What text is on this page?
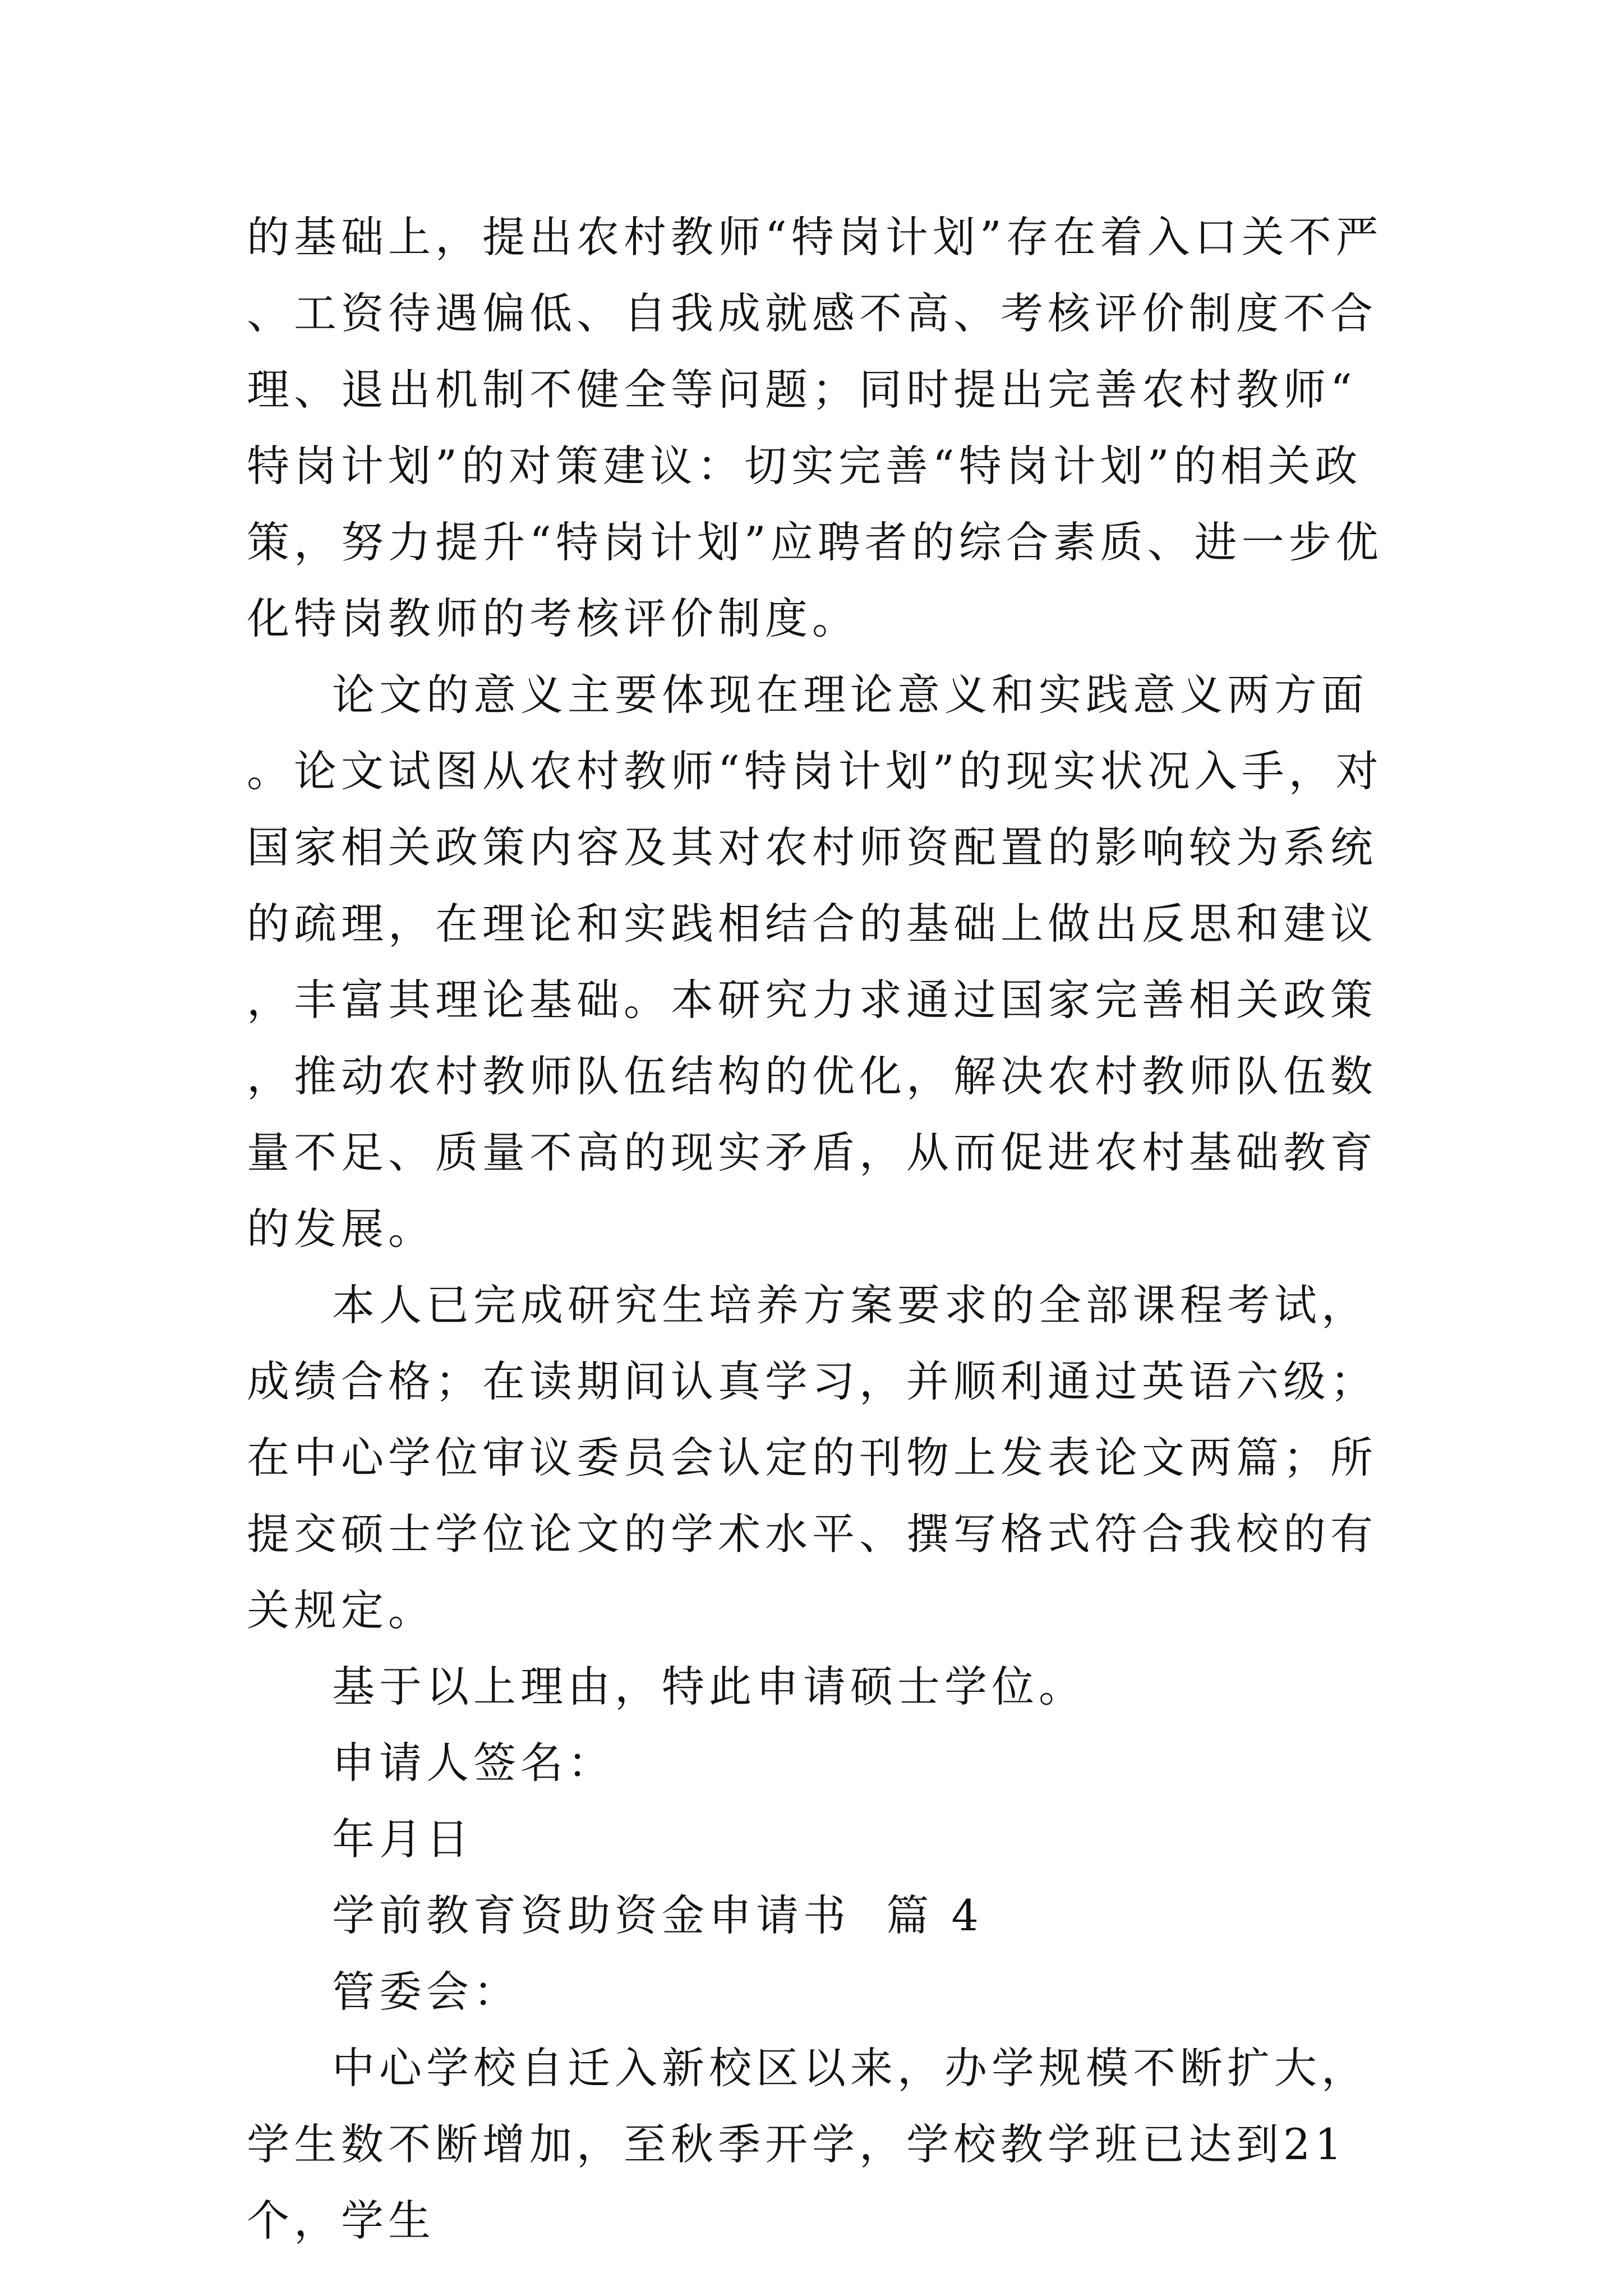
的基础上，提出农村教师“特岗计划”存在着入口关不严、工资待遇偏低、自我成就感不高、考核评价制度不合理、退出机制不健全等问题；同时提出完善农村教师“特岗计划”的对策建议：切实完善“特岗计划”的相关政策，努力提升“特岗计划”应聘者的综合素质、进一步优化特岗教师的考核评价制度。

论文的意义主要体现在理论意义和实践意义两方面。论文试图从农村教师“特岗计划”的现实状况入手，对国家相关政策内容及其对农村师资配置的影响较为系统的疏理，在理论和实践相结合的基础上做出反思和建议，丰富其理论基础。本研究力求通过国家完善相关政策，推动农村教师队伍结构的优化，解决农村教师队伍数量不足、质量不高的现实矛盾，从而促进农村基础教育的发展。

本人已完成研究生培养方案要求的全部课程考试，成绩合格；在读期间认真学习，并顺利通过英语六级；在中心学位审议委员会认定的刊物上发表论文两篇；所提交硕士学位论文的学术水平、撰写格式符合我校的有关规定。

基于以上理由，特此申请硕士学位。

申请人签名：

年月日

学前教育资助资金申请书  篇 4

管委会：

中心学校自迁入新校区以来，办学规模不断扩大，学生数不断增加，至秋季开学，学校教学班已达到21个，学生
